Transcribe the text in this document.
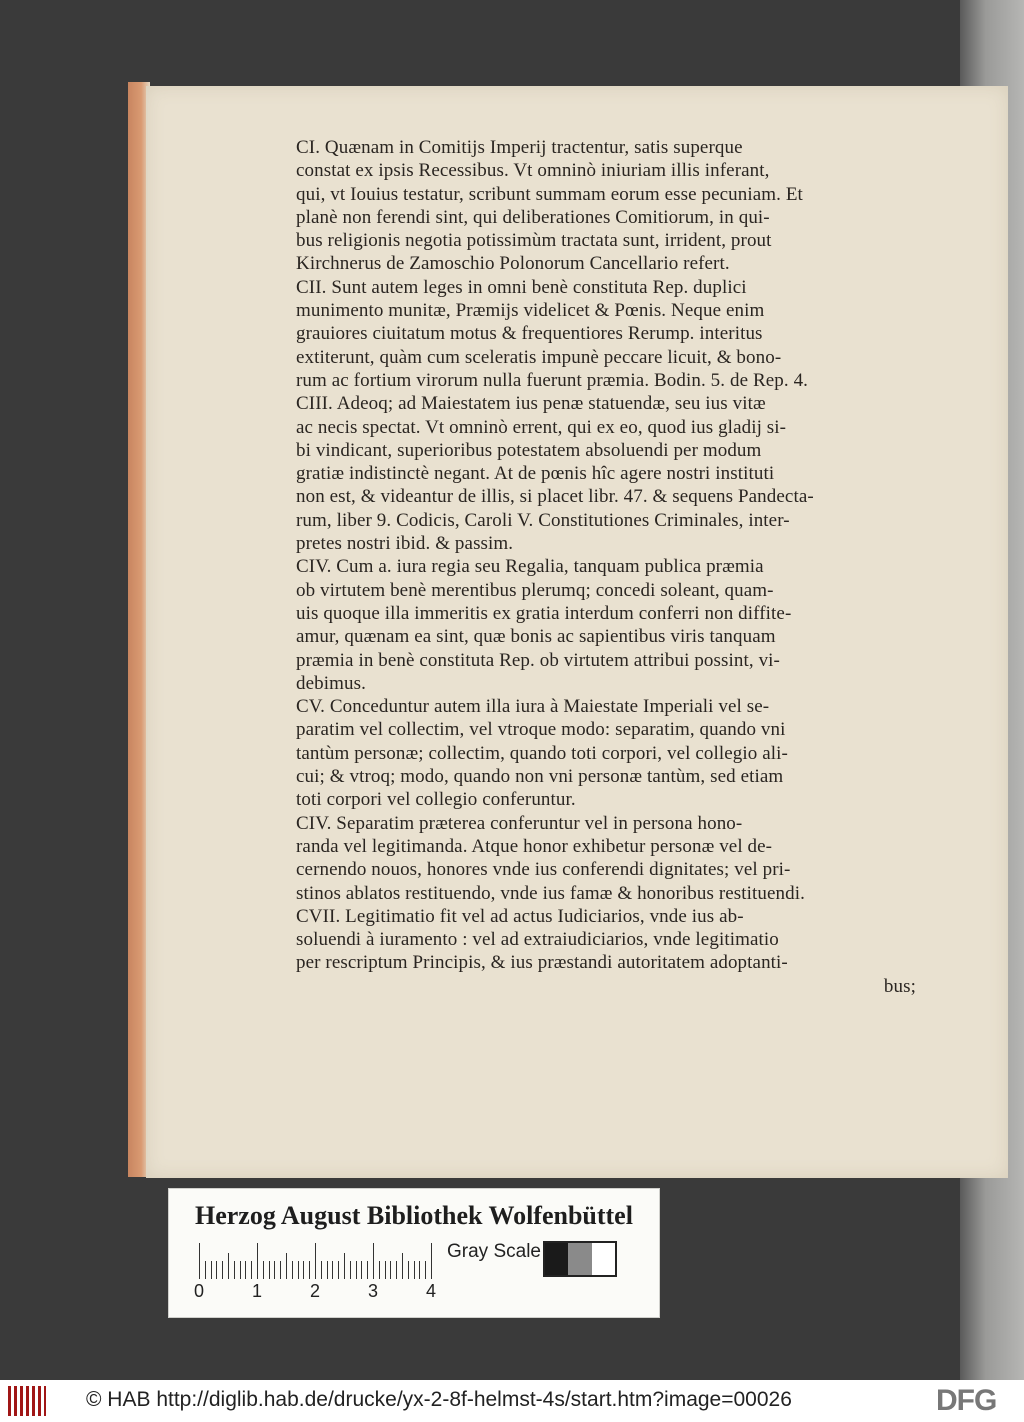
CI. Quænam in Comitijs Imperij tractentur, satis superque
constat ex ipsis Recessibus. Vt omninò iniuriam illis inferant,
qui, vt Iouius testatur, scribunt summam eorum esse pecuniam. Et
planè non ferendi sint, qui deliberationes Comitiorum, in qui-
bus religionis negotia potissimùm tractata sunt, irrident, prout
Kirchnerus de Zamoschio Polonorum Cancellario refert.
CII. Sunt autem leges in omni benè constituta Rep. duplici
munimento munitæ, Præmijs videlicet & Pœnis. Neque enim
grauiores ciuitatum motus & frequentiores Rerump. interitus
extiterunt, quàm cum sceleratis impunè peccare licuit, & bono-
rum ac fortium virorum nulla fuerunt præmia. Bodin. 5. de Rep. 4.
CIII. Adeoq; ad Maiestatem ius penæ statuendæ, seu ius vitæ
ac necis spectat. Vt omninò errent, qui ex eo, quod ius gladij si-
bi vindicant, superioribus potestatem absoluendi per modum
gratiæ indistinctè negant. At de pœnis hîc agere nostri instituti
non est, & videantur de illis, si placet libr. 47. & sequens Pandecta-
rum, liber 9. Codicis, Caroli V. Constitutiones Criminales, inter-
pretes nostri ibid. & passim.
CIV. Cum a. iura regia seu Regalia, tanquam publica præmia
ob virtutem benè merentibus plerumq; concedi soleant, quam-
uis quoque illa immeritis ex gratia interdum conferri non diffite-
amur, quænam ea sint, quæ bonis ac sapientibus viris tanquam
præmia in benè constituta Rep. ob virtutem attribui possint, vi-
debimus.
CV. Conceduntur autem illa iura à Maiestate Imperiali vel se-
paratim vel collectim, vel vtroque modo: separatim, quando vni
tantùm personæ; collectim, quando toti corpori, vel collegio ali-
cui; & vtroq; modo, quando non vni personæ tantùm, sed etiam
toti corpori vel collegio conferuntur.
CIV. Separatim præterea conferuntur vel in persona hono-
randa vel legitimanda. Atque honor exhibetur personæ vel de-
cernendo nouos, honores vnde ius conferendi dignitates; vel pri-
stinos ablatos restituendo, vnde ius famæ & honoribus restituendi.
CVII. Legitimatio fit vel ad actus Iudiciarios, vnde ius ab-
soluendi à iuramento : vel ad extraiudiciarios, vnde legitimatio
per rescriptum Principis, & ius præstandi autoritatem adoptanti-
bus;
Herzog August Bibliothek Wolfenbüttel
0	1	2	3	4
Gray Scale
© HAB http://diglib.hab.de/drucke/yx-2-8f-helmst-4s/start.htm?image=00026	DFG
